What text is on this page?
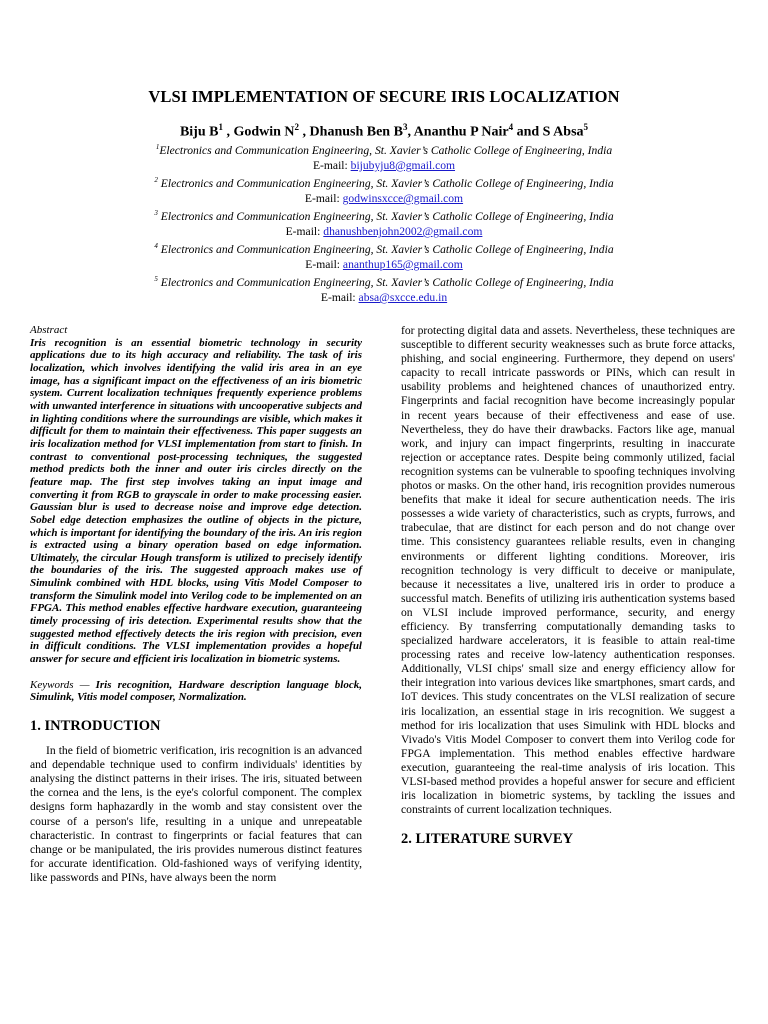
VLSI IMPLEMENTATION OF SECURE IRIS LOCALIZATION
Biju $B^1$ , Godwin $N^2$ , Dhanush Ben $B^3$, Ananthu P Nair$^4$ and S Absa$^5$
$^1$Electronics and Communication Engineering, St. Xavier’s Catholic College of Engineering, India
E-mail: bijubyju8@gmail.com
$^2$ Electronics and Communication Engineering, St. Xavier’s Catholic College of Engineering, India
E-mail: godwinsxcce@gmail.com
$^3$ Electronics and Communication Engineering, St. Xavier’s Catholic College of Engineering, India
E-mail: dhanushbenjohn2002@gmail.com
$^4$ Electronics and Communication Engineering, St. Xavier’s Catholic College of Engineering, India
E-mail: ananthup165@gmail.com
$^5$ Electronics and Communication Engineering, St. Xavier’s Catholic College of Engineering, India
E-mail: absa@sxcce.edu.in
Abstract
Iris recognition is an essential biometric technology in security applications due to its high accuracy and reliability. The task of iris localization, which involves identifying the valid iris area in an eye image, has a significant impact on the effectiveness of an iris biometric system. Current localization techniques frequently experience problems with unwanted interference in situations with uncooperative subjects and in lighting conditions where the surroundings are visible, which makes it difficult for them to maintain their effectiveness. This paper suggests an iris localization method for VLSI implementation from start to finish. In contrast to conventional post-processing techniques, the suggested method predicts both the inner and outer iris circles directly on the feature map. The first step involves taking an input image and converting it from RGB to grayscale in order to make processing easier. Gaussian blur is used to decrease noise and improve edge detection. Sobel edge detection emphasizes the outline of objects in the picture, which is important for identifying the boundary of the iris. An iris region is extracted using a binary operation based on edge information. Ultimately, the circular Hough transform is utilized to precisely identify the boundaries of the iris. The suggested approach makes use of Simulink combined with HDL blocks, using Vitis Model Composer to transform the Simulink model into Verilog code to be implemented on an FPGA. This method enables effective hardware execution, guaranteeing timely processing of iris detection. Experimental results show that the suggested method effectively detects the iris region with precision, even in difficult conditions. The VLSI implementation provides a hopeful answer for secure and efficient iris localization in biometric systems.
Keywords — Iris recognition, Hardware description language block, Simulink, Vitis model composer, Normalization.
1. INTRODUCTION

In the field of biometric verification, iris recognition is an advanced and dependable technique used to confirm individuals' identities by analysing the distinct patterns in their irises. The iris, situated between the cornea and the lens, is the eye's colorful component. The complex designs form haphazardly in the womb and stay consistent over the course of a person's life, resulting in a unique and unrepeatable characteristic. In contrast to fingerprints or facial features that can change or be manipulated, the iris provides numerous distinct features for accurate identification. Old-fashioned ways of verifying identity, like passwords and PINs, have always been the norm

for protecting digital data and assets. Nevertheless, these techniques are susceptible to different security weaknesses such as brute force attacks, phishing, and social engineering. Furthermore, they depend on users' capacity to recall intricate passwords or PINs, which can result in usability problems and heightened chances of unauthorized entry. Fingerprints and facial recognition have become increasingly popular in recent years because of their effectiveness and ease of use. Nevertheless, they do have their drawbacks. Factors like age, manual work, and injury can impact fingerprints, resulting in inaccurate rejection or acceptance rates. Despite being commonly utilized, facial recognition systems can be vulnerable to spoofing techniques involving photos or masks. On the other hand, iris recognition provides numerous benefits that make it ideal for secure authentication needs. The iris possesses a wide variety of characteristics, such as crypts, furrows, and trabeculae, that are distinct for each person and do not change over time. This consistency guarantees reliable results, even in changing environments or different lighting conditions. Moreover, iris recognition technology is very difficult to deceive or manipulate, because it necessitates a live, unaltered iris in order to produce a successful match. Benefits of utilizing iris authentication systems based on VLSI include improved performance, security, and energy efficiency. By transferring computationally demanding tasks to specialized hardware accelerators, it is feasible to attain real-time processing rates and receive low-latency authentication responses. Additionally, VLSI chips' small size and energy efficiency allow for their integration into various devices like smartphones, smart cards, and IoT devices. This study concentrates on the VLSI realization of secure iris localization, an essential stage in iris recognition. We suggest a method for iris localization that uses Simulink with HDL blocks and Vivado's Vitis Model Composer to convert them into Verilog code for FPGA implementation. This method enables effective hardware execution, guaranteeing the real-time analysis of iris location. This VLSI-based method provides a hopeful answer for secure and efficient iris localization in biometric systems, by tackling the issues and constraints of current localization techniques.

2. LITERATURE SURVEY
